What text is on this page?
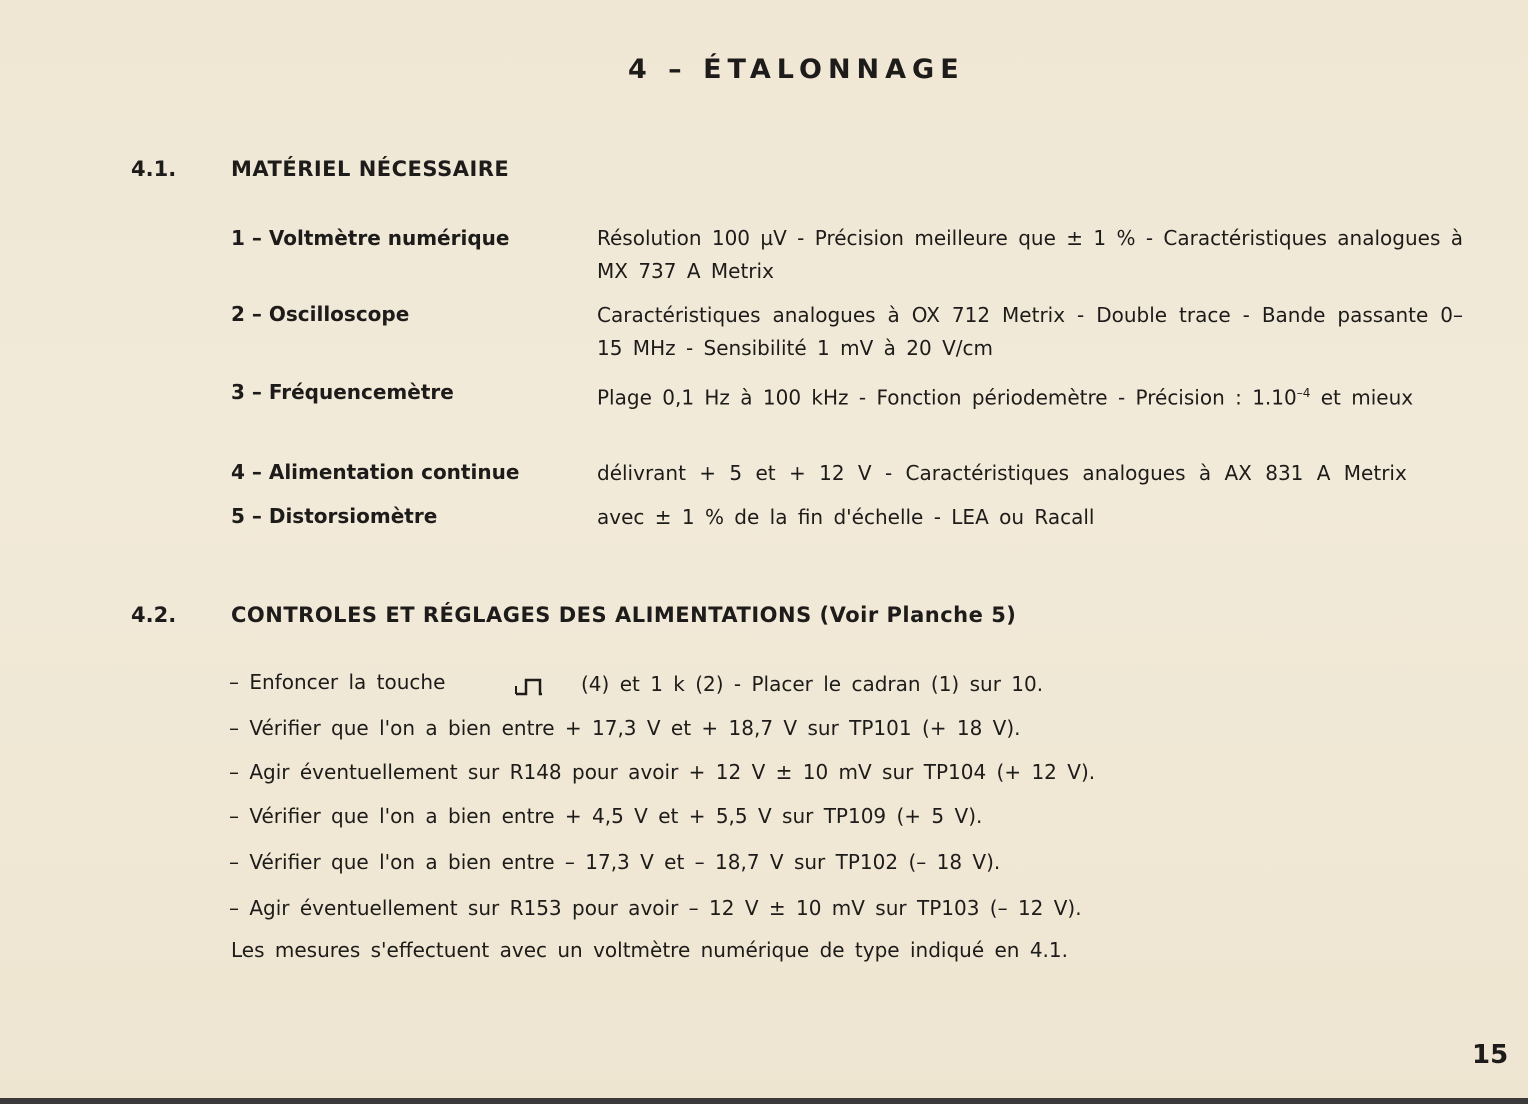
4 – ÉTALONNAGE
4.1.	MATÉRIEL NÉCESSAIRE
1 – Voltmètre numérique	Résolution 100 µV - Précision meilleure que ± 1 % - Caractéristiques analogues à MX 737 A Metrix
2 – Oscilloscope	Caractéristiques analogues à OX 712 Metrix - Double trace - Bande passante 0–15 MHz - Sensibilité 1 mV à 20 V/cm
3 – Fréquencemètre	Plage 0,1 Hz à 100 kHz - Fonction périodemètre - Précision : $1.10^{-4}$ et mieux
4 – Alimentation continue	délivrant + 5 et + 12 V - Caractéristiques analogues à AX 831 A Metrix
5 – Distorsiomètre	avec ± 1 % de la fin d'échelle - LEA ou Racall
4.2.	CONTROLES ET RÉGLAGES DES ALIMENTATIONS (Voir Planche 5)
– Enfoncer la touche	(4) et 1 k (2) - Placer le cadran (1) sur 10.
– Vérifier que l'on a bien entre + 17,3 V et + 18,7 V sur TP101 (+ 18 V).
– Agir éventuellement sur R148 pour avoir + 12 V ± 10 mV sur TP104 (+ 12 V).
– Vérifier que l'on a bien entre + 4,5 V et + 5,5 V sur TP109 (+ 5 V).
– Vérifier que l'on a bien entre – 17,3 V et – 18,7 V sur TP102 (– 18 V).
– Agir éventuellement sur R153 pour avoir – 12 V ± 10 mV sur TP103 (– 12 V).
Les mesures s'effectuent avec un voltmètre numérique de type indiqué en 4.1.
15
